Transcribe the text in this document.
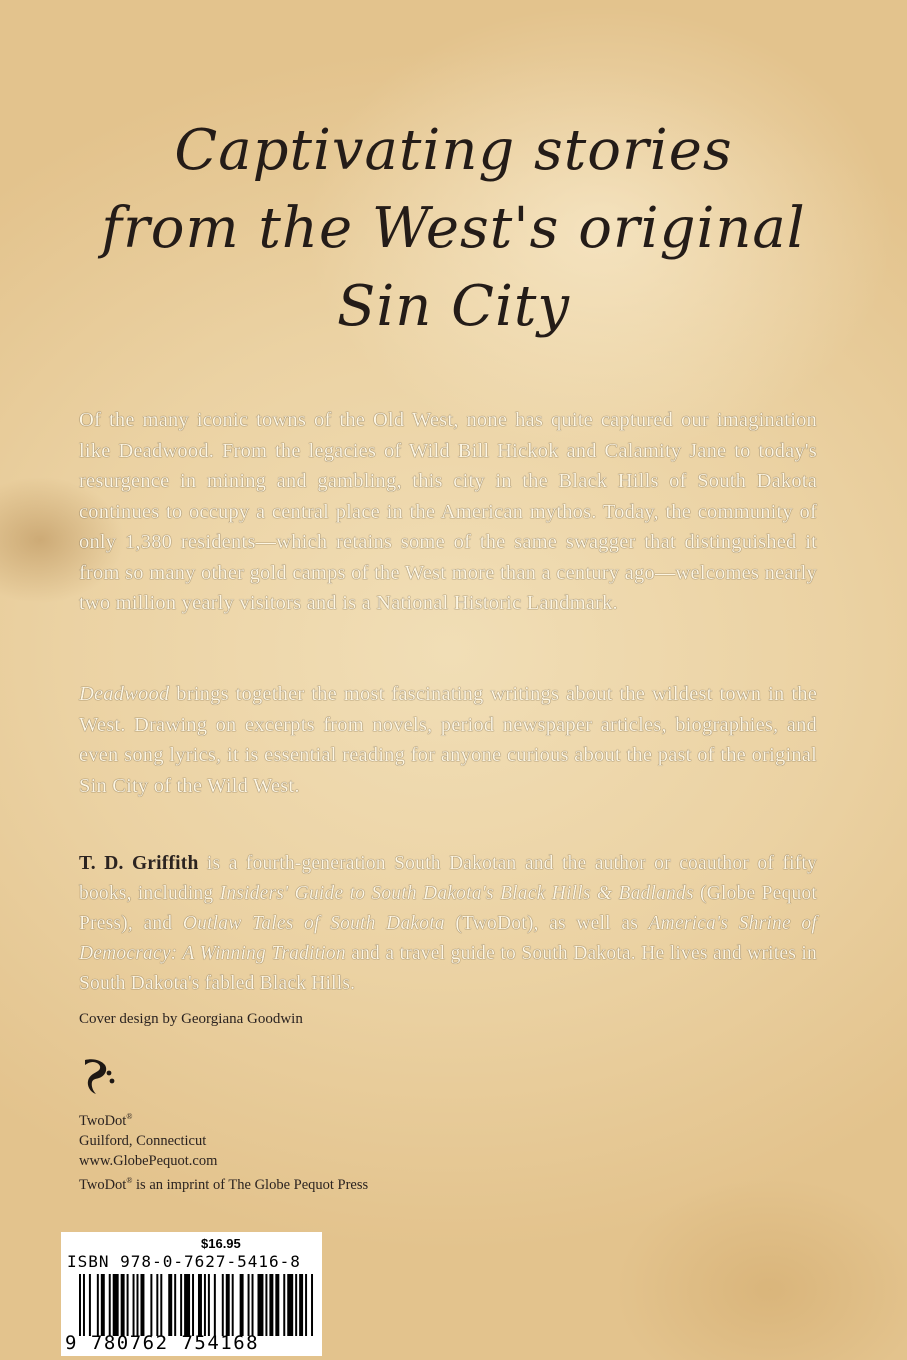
Captivating stories
from the West's original
Sin City
Of the many iconic towns of the Old West, none has quite captured our imagination like Deadwood. From the legacies of Wild Bill Hickok and Calamity Jane to today's resurgence in mining and gambling, this city in the Black Hills of South Dakota continues to occupy a central place in the American mythos. Today, the community of only 1,380 residents—which retains some of the same swagger that distinguished it from so many other gold camps of the West more than a century ago—welcomes nearly two million yearly visitors and is a National Historic Landmark.
Deadwood brings together the most fascinating writings about the wildest town in the West. Drawing on excerpts from novels, period newspaper articles, biographies, and even song lyrics, it is essential reading for anyone curious about the past of the original Sin City of the Wild West.
T. D. Griffith is a fourth-generation South Dakotan and the author or coauthor of fifty books, including Insiders' Guide to South Dakota's Black Hills & Badlands (Globe Pequot Press), and Outlaw Tales of South Dakota (TwoDot), as well as America's Shrine of Democracy: A Winning Tradition and a travel guide to South Dakota. He lives and writes in South Dakota's fabled Black Hills.
Cover design by Georgiana Goodwin
TwoDot®
Guilford, Connecticut
www.GlobePequot.com
TwoDot® is an imprint of The Globe Pequot Press
$16.95
ISBN 978-0-7627-5416-8
9 780762 754168
